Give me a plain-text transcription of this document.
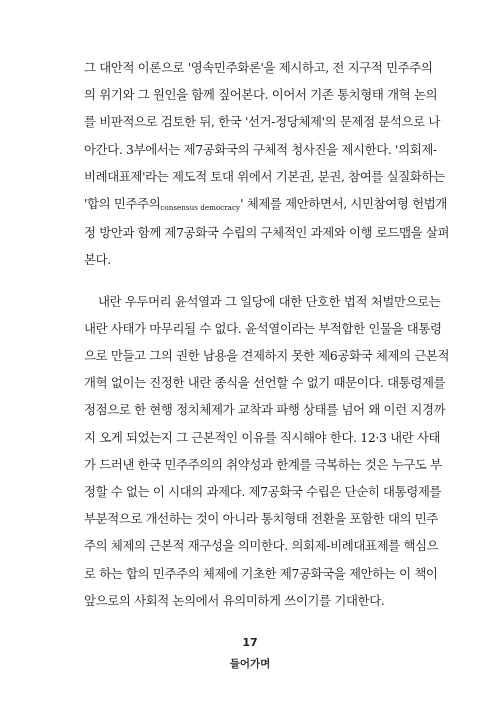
그 대안적 이론으로 '영속민주화론'을 제시하고, 전 지구적 민주주의

의 위기와 그 원인을 함께 짚어본다. 이어서 기존 통치형태 개혁 논의

를 비판적으로 검토한 뒤, 한국 '선거-정당체제'의 문제점 분석으로 나

아간다. 3부에서는 제7공화국의 구체적 청사진을 제시한다. '의회제-

비례대표제'라는 제도적 토대 위에서 기본권, 분권, 참여를 실질화하는

'합의 민주주의consensus democracy' 체제를 제안하면서, 시민참여형 헌법개

정 방안과 함께 제7공화국 수립의 구체적인 과제와 이행 로드맵을 살펴

본다.

내란 우두머리 윤석열과 그 일당에 대한 단호한 법적 처벌만으로는

내란 사태가 마무리될 수 없다. 윤석열이라는 부적합한 인물을 대통령

으로 만들고 그의 권한 남용을 견제하지 못한 제6공화국 체제의 근본적

개혁 없이는 진정한 내란 종식을 선언할 수 없기 때문이다. 대통령제를

정점으로 한 현행 정치체제가 교착과 파행 상태를 넘어 왜 이런 지경까

지 오게 되었는지 그 근본적인 이유를 직시해야 한다. 12·3 내란 사태

가 드러낸 한국 민주주의의 취약성과 한계를 극복하는 것은 누구도 부

정할 수 없는 이 시대의 과제다. 제7공화국 수립은 단순히 대통령제를

부분적으로 개선하는 것이 아니라 통치형태 전환을 포함한 대의 민주

주의 체제의 근본적 재구성을 의미한다. 의회제-비례대표제를 핵심으

로 하는 합의 민주주의 체제에 기초한 제7공화국을 제안하는 이 책이

앞으로의 사회적 논의에서 유의미하게 쓰이기를 기대한다.

17
들어가며
